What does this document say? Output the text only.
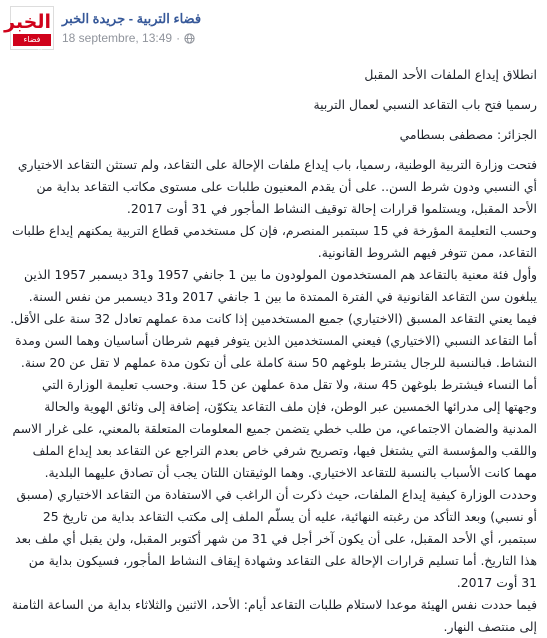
الخبر
فضاء التربية
فضاء التربية - جريدة الخبر
18 septembre, 13:49 ·

انطلاق إيداع الملفات الأحد المقبل

رسميا فتح باب التقاعد النسبي لعمال التربية

الجزائر: مصطفى بسطامي

فتحت وزارة التربية الوطنية، رسميا، باب إيداع ملفات الإحالة على التقاعد، ولم تستثن التقاعد الاختياري أي النسبي ودون شرط السن.. على أن يقدم المعنيون طلبات على مستوى مكاتب التقاعد بداية من الأحد المقبل، ويستلموا قرارات إحالة توقيف النشاط المأجور في 31 أوت 2017.

وحسب التعليمة المؤرخة في 15 سبتمبر المنصرم، فإن كل مستخدمي قطاع التربية يمكنهم إيداع طلبات التقاعد، ممن تتوفر فيهم الشروط القانونية.

وأول فئة معنية بالتقاعد هم المستخدمون المولودون ما بين 1 جانفي 1957 و31 ديسمبر 1957 الذين يبلغون سن التقاعد القانونية في الفترة الممتدة ما بين 1 جانفي 2017 و31 ديسمبر من نفس السنة. فيما يعني التقاعد المسبق (الاختياري) جميع المستخدمين إذا كانت مدة عملهم تعادل 32 سنة على الأقل. أما التقاعد النسبي (الاختياري) فيعني المستخدمين الذين يتوفر فيهم شرطان أساسيان وهما السن ومدة النشاط. فبالنسبة للرجال يشترط بلوغهم 50 سنة كاملة على أن تكون مدة عملهم لا تقل عن 20 سنة. أما النساء فيشترط بلوغهن 45 سنة، ولا تقل مدة عملهن عن 15 سنة. وحسب تعليمة الوزارة التي وجهتها إلى مدرائها الخمسين عبر الوطن، فإن ملف التقاعد يتكوّن، إضافة إلى وثائق الهوية والحالة المدنية والضمان الاجتماعي، من طلب خطي يتضمن جميع المعلومات المتعلقة بالمعني، على غرار الاسم واللقب والمؤسسة التي يشتغل فيها، وتصريح شرفي خاص بعدم التراجع عن التقاعد بعد إيداع الملف مهما كانت الأسباب بالنسبة للتقاعد الاختياري. وهما الوثيقتان اللتان يجب أن تصادق عليهما البلدية. وحددت الوزارة كيفية إيداع الملفات، حيث ذكرت أن الراغب في الاستفادة من التقاعد الاختياري (مسبق أو نسبي) وبعد التأكد من رغبته النهائية، عليه أن يسلّم الملف إلى مكتب التقاعد بداية من تاريخ 25 سبتمبر، أي الأحد المقبل، على أن يكون آخر أجل في 31 من شهر أكتوبر المقبل، ولن يقبل أي ملف بعد هذا التاريخ. أما تسليم قرارات الإحالة على التقاعد وشهادة إيقاف النشاط المأجور، فسيكون بداية من 31 أوت 2017.

فيما حددت نفس الهيئة موعدا لاستلام طلبات التقاعد أيام: الأحد، الاثنين والثلاثاء بداية من الساعة الثامنة إلى منتصف النهار.
